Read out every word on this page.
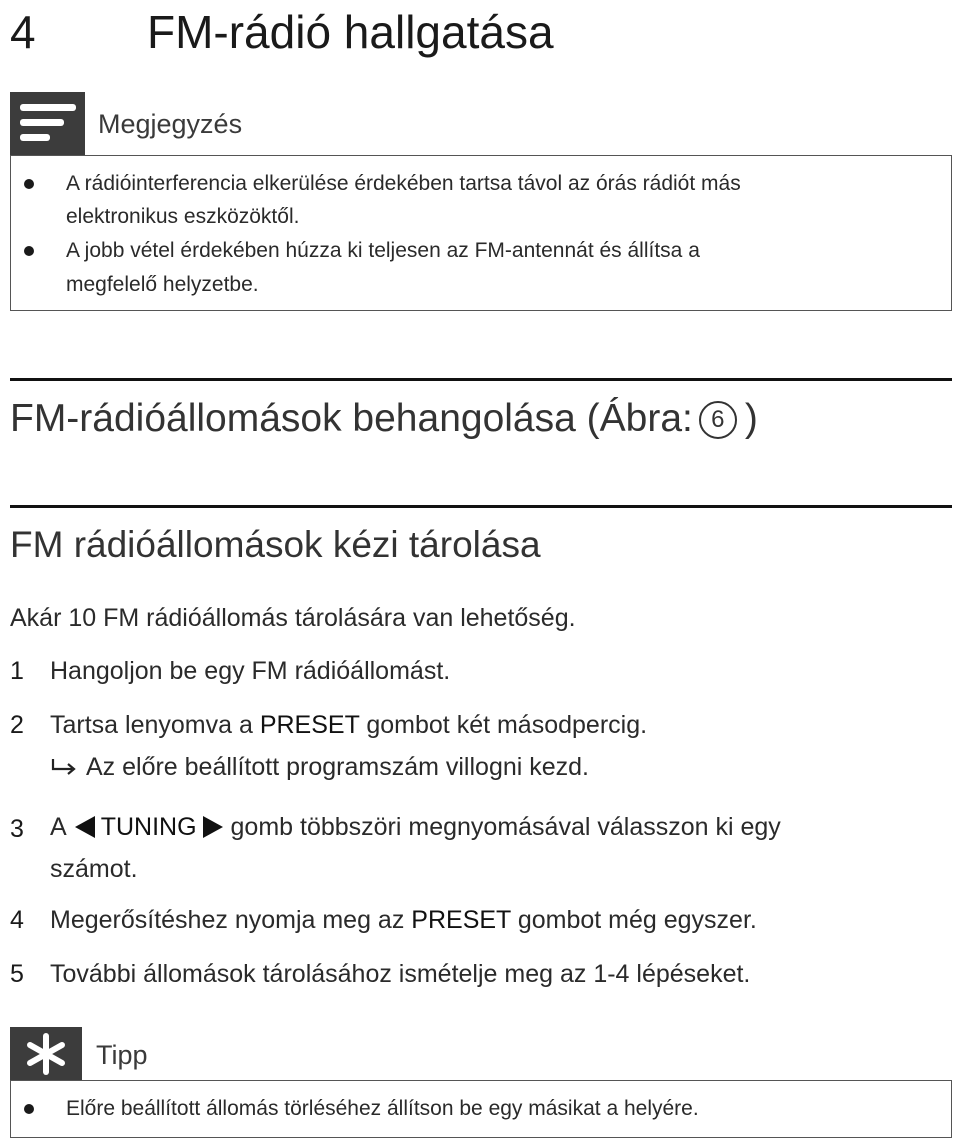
4 FM-rádió hallgatása
Megjegyzés
A rádióinterferencia elkerülése érdekében tartsa távol az órás rádiót más
elektronikus eszközöktől.
A jobb vétel érdekében húzza ki teljesen az FM-antennát és állítsa a
megfelelő helyzetbe.
FM-rádióállomások behangolása (Ábra: 6 )
FM rádióállomások kézi tárolása
Akár 10 FM rádióállomás tárolására van lehetőség.
1 Hangoljon be egy FM rádióállomást.
2 Tartsa lenyomva a PRESET gombot két másodpercig.
Az előre beállított programszám villogni kezd.
3 A TUNING gomb többszöri megnyomásával válasszon ki egy
számot.
4 Megerősítéshez nyomja meg az PRESET gombot még egyszer.
5 További állomások tárolásához ismételje meg az 1-4 lépéseket.
Tipp
Előre beállított állomás törléséhez állítson be egy másikat a helyére.
